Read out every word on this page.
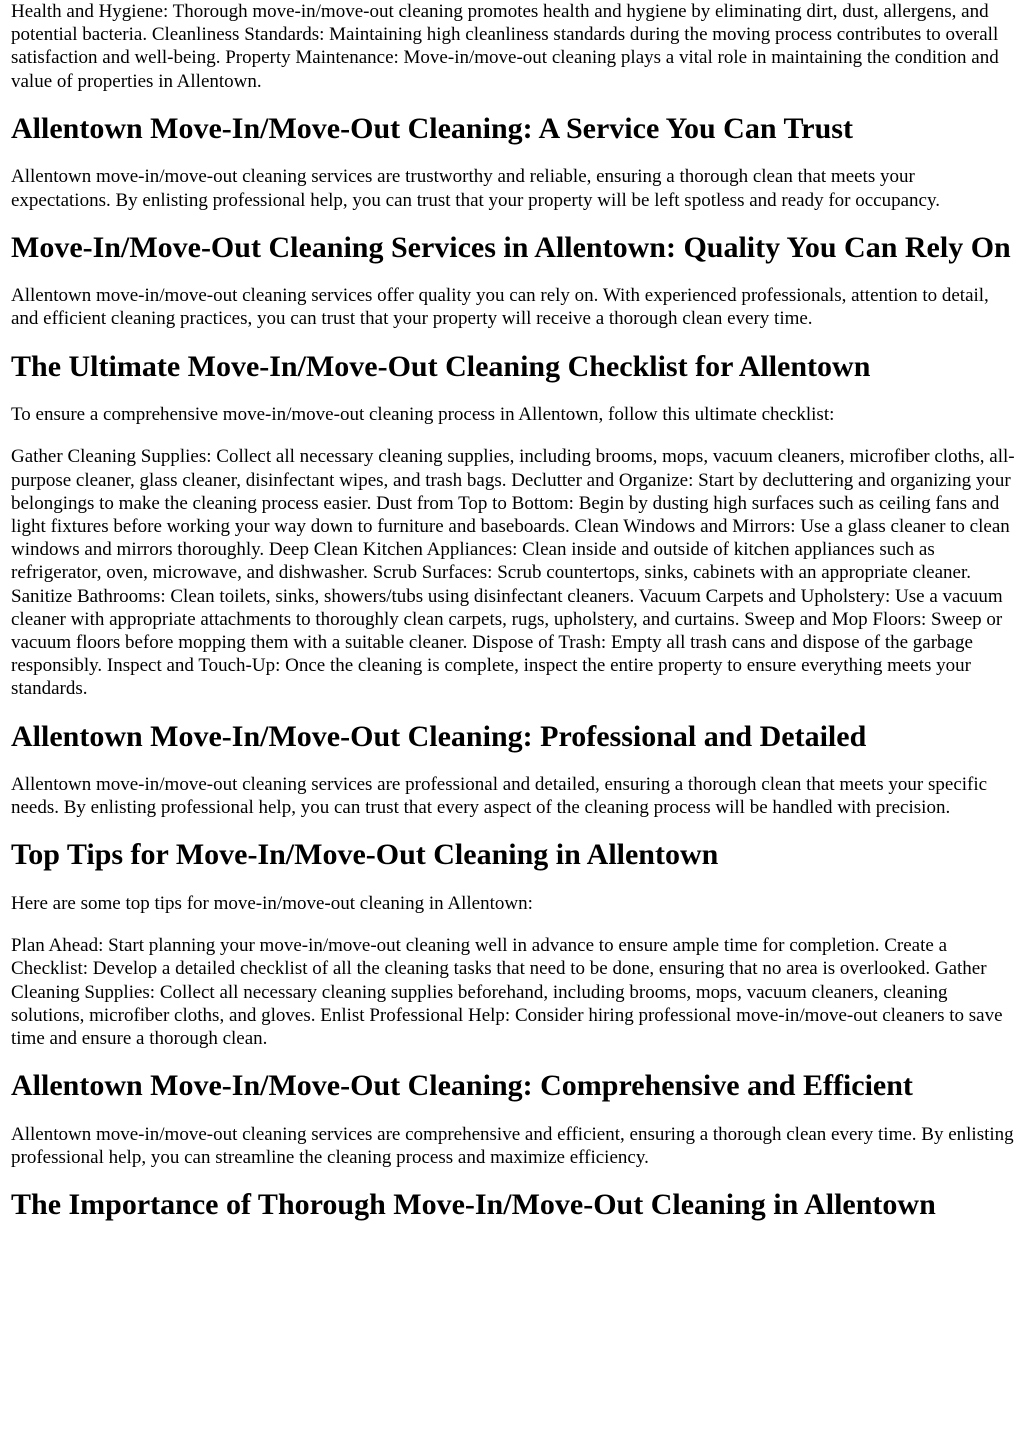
Health and Hygiene: Thorough move-in/move-out cleaning promotes health and hygiene by eliminating dirt, dust, allergens, and potential bacteria. Cleanliness Standards: Maintaining high cleanliness standards during the moving process contributes to overall satisfaction and well-being. Property Maintenance: Move-in/move-out cleaning plays a vital role in maintaining the condition and value of properties in Allentown.

Allentown Move-In/Move-Out Cleaning: A Service You Can Trust

Allentown move-in/move-out cleaning services are trustworthy and reliable, ensuring a thorough clean that meets your expectations. By enlisting professional help, you can trust that your property will be left spotless and ready for occupancy.

Move-In/Move-Out Cleaning Services in Allentown: Quality You Can Rely On

Allentown move-in/move-out cleaning services offer quality you can rely on. With experienced professionals, attention to detail, and efficient cleaning practices, you can trust that your property will receive a thorough clean every time.

The Ultimate Move-In/Move-Out Cleaning Checklist for Allentown

To ensure a comprehensive move-in/move-out cleaning process in Allentown, follow this ultimate checklist:

Gather Cleaning Supplies: Collect all necessary cleaning supplies, including brooms, mops, vacuum cleaners, microfiber cloths, all-purpose cleaner, glass cleaner, disinfectant wipes, and trash bags. Declutter and Organize: Start by decluttering and organizing your belongings to make the cleaning process easier. Dust from Top to Bottom: Begin by dusting high surfaces such as ceiling fans and light fixtures before working your way down to furniture and baseboards. Clean Windows and Mirrors: Use a glass cleaner to clean windows and mirrors thoroughly. Deep Clean Kitchen Appliances: Clean inside and outside of kitchen appliances such as refrigerator, oven, microwave, and dishwasher. Scrub Surfaces: Scrub countertops, sinks, cabinets with an appropriate cleaner. Sanitize Bathrooms: Clean toilets, sinks, showers/tubs using disinfectant cleaners. Vacuum Carpets and Upholstery: Use a vacuum cleaner with appropriate attachments to thoroughly clean carpets, rugs, upholstery, and curtains. Sweep and Mop Floors: Sweep or vacuum floors before mopping them with a suitable cleaner. Dispose of Trash: Empty all trash cans and dispose of the garbage responsibly. Inspect and Touch-Up: Once the cleaning is complete, inspect the entire property to ensure everything meets your standards.

Allentown Move-In/Move-Out Cleaning: Professional and Detailed

Allentown move-in/move-out cleaning services are professional and detailed, ensuring a thorough clean that meets your specific needs. By enlisting professional help, you can trust that every aspect of the cleaning process will be handled with precision.

Top Tips for Move-In/Move-Out Cleaning in Allentown

Here are some top tips for move-in/move-out cleaning in Allentown:

Plan Ahead: Start planning your move-in/move-out cleaning well in advance to ensure ample time for completion. Create a Checklist: Develop a detailed checklist of all the cleaning tasks that need to be done, ensuring that no area is overlooked. Gather Cleaning Supplies: Collect all necessary cleaning supplies beforehand, including brooms, mops, vacuum cleaners, cleaning solutions, microfiber cloths, and gloves. Enlist Professional Help: Consider hiring professional move-in/move-out cleaners to save time and ensure a thorough clean.

Allentown Move-In/Move-Out Cleaning: Comprehensive and Efficient

Allentown move-in/move-out cleaning services are comprehensive and efficient, ensuring a thorough clean every time. By enlisting professional help, you can streamline the cleaning process and maximize efficiency.

The Importance of Thorough Move-In/Move-Out Cleaning in Allentown
